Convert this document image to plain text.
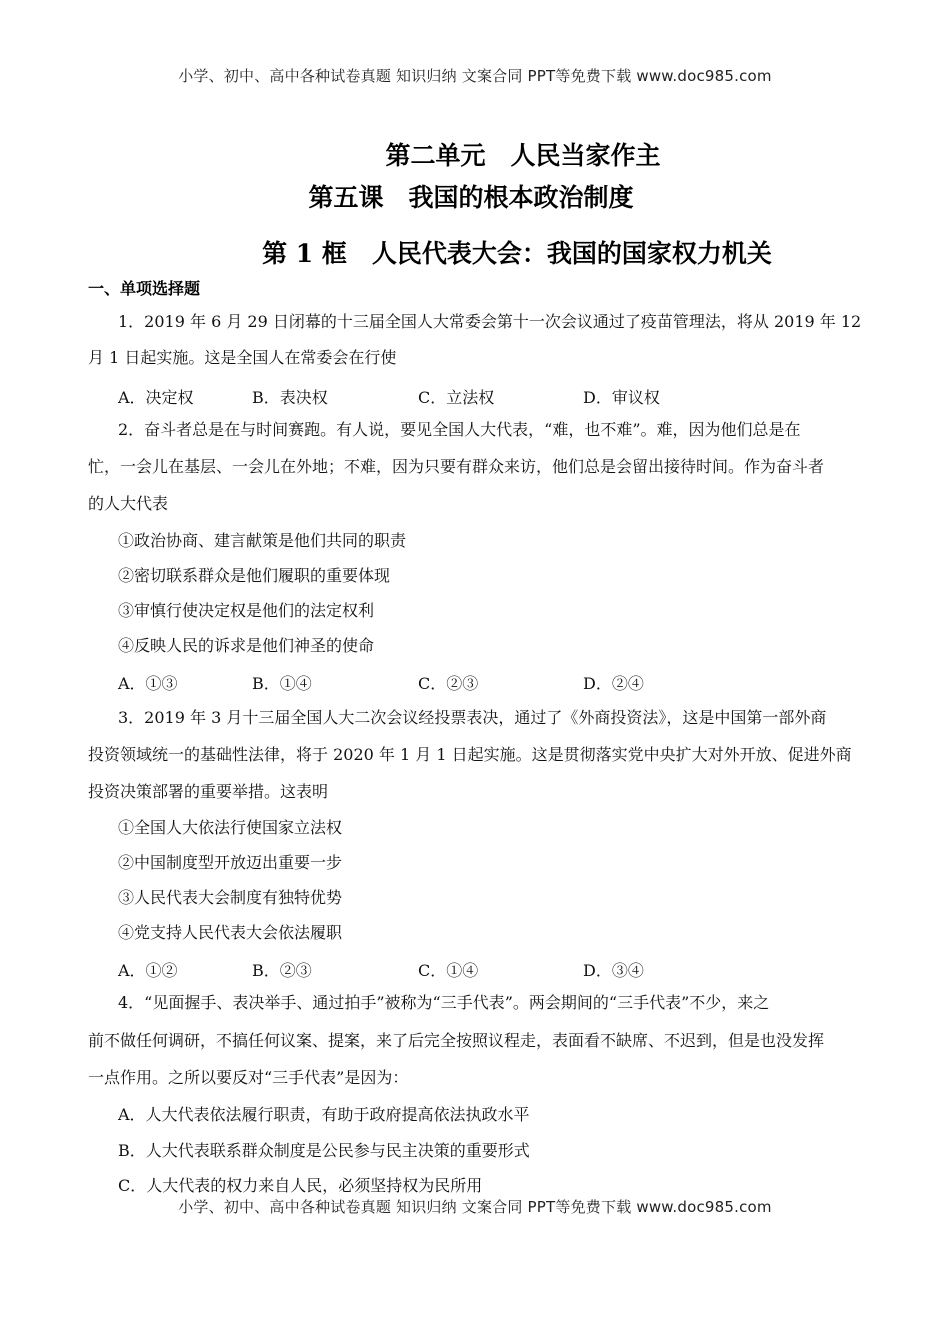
小学、初中、高中各种试卷真题 知识归纳 文案合同 PPT等免费下载 www.doc985.com
第二单元　人民当家作主
第五课　我国的根本政治制度
第 1 框　人民代表大会：我国的国家权力机关
一、单项选择题
1．2019 年 6 月 29 日闭幕的十三届全国人大常委会第十一次会议通过了疫苗管理法，将从 2019 年 12
月 1 日起实施。这是全国人在常委会在行使
A．决定权	B．表决权	C．立法权	D．审议权
2．奋斗者总是在与时间赛跑。有人说，要见全国人大代表，“难，也不难”。难，因为他们总是在
忙，一会儿在基层、一会儿在外地；不难，因为只要有群众来访，他们总是会留出接待时间。作为奋斗者
的人大代表
①政治协商、建言献策是他们共同的职责
②密切联系群众是他们履职的重要体现
③审慎行使决定权是他们的法定权利
④反映人民的诉求是他们神圣的使命
A．①③	B．①④	C．②③	D．②④
3．2019 年 3 月十三届全国人大二次会议经投票表决，通过了《外商投资法》，这是中国第一部外商
投资领域统一的基础性法律，将于 2020 年 1 月 1 日起实施。这是贯彻落实党中央扩大对外开放、促进外商
投资决策部署的重要举措。这表明
①全国人大依法行使国家立法权
②中国制度型开放迈出重要一步
③人民代表大会制度有独特优势
④党支持人民代表大会依法履职
A．①②	B．②③	C．①④	D．③④
4．“见面握手、表决举手、通过拍手”被称为“三手代表”。两会期间的“三手代表”不少，来之
前不做任何调研，不搞任何议案、提案，来了后完全按照议程走，表面看不缺席、不迟到，但是也没发挥
一点作用。之所以要反对“三手代表”是因为：
A．人大代表依法履行职责，有助于政府提高依法执政水平
B．人大代表联系群众制度是公民参与民主决策的重要形式
C．人大代表的权力来自人民，必须坚持权为民所用
小学、初中、高中各种试卷真题 知识归纳 文案合同 PPT等免费下载 www.doc985.com
